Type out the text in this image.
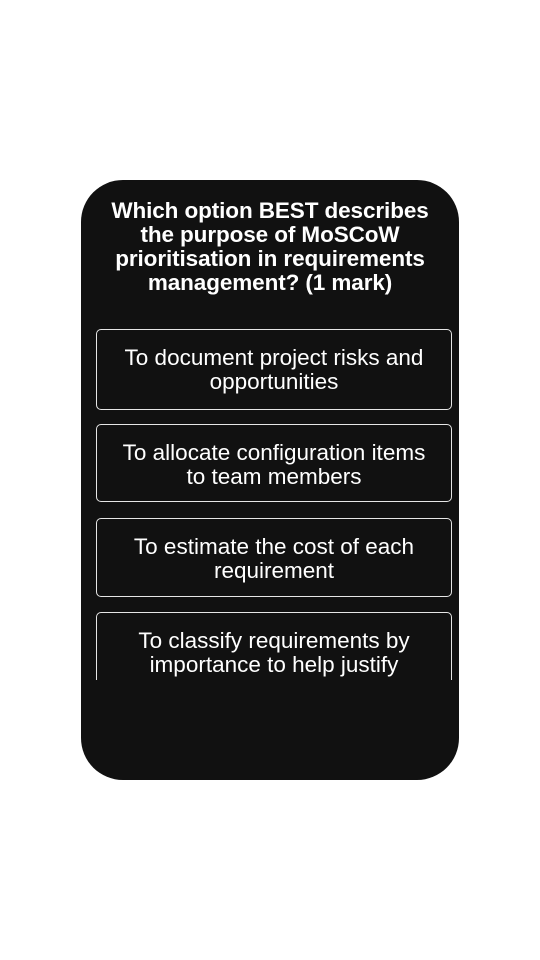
Which option BEST describes the purpose of MoSCoW prioritisation in requirements management? (1 mark)
To document project risks and opportunities
To allocate configuration items to team members
To estimate the cost of each requirement
To classify requirements by importance to help justify
